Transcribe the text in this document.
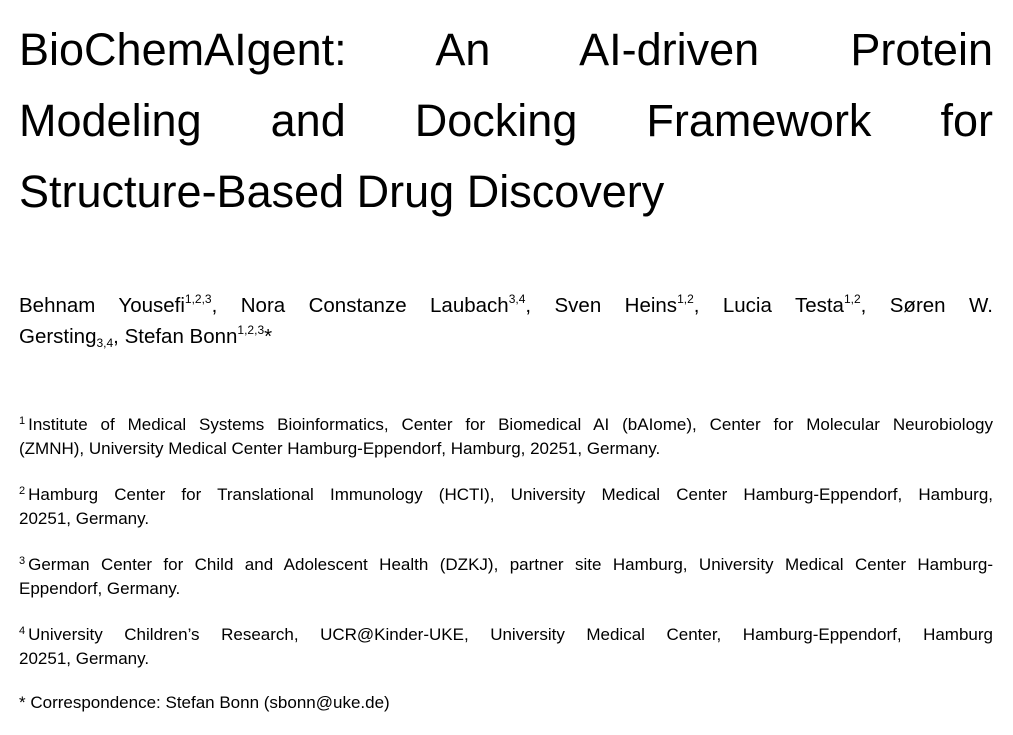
BioChemAIgent: An AI-driven Protein
Modeling and Docking Framework for
Structure-Based Drug Discovery
Behnam Yousefi$^{1,2,3}$, Nora Constanze Laubach$^{3,4}$, Sven Heins$^{1,2}$, Lucia Testa$^{1,2}$, Søren W.
Gersting$_{3,4}$, Stefan Bonn$^{1,2,3}$*
$^1$ Institute of Medical Systems Bioinformatics, Center for Biomedical AI (bAIome), Center for Molecular Neurobiology
(ZMNH), University Medical Center Hamburg-Eppendorf, Hamburg, 20251, Germany.
$^2$ Hamburg Center for Translational Immunology (HCTI), University Medical Center Hamburg-Eppendorf, Hamburg,
20251, Germany.
$^3$ German Center for Child and Adolescent Health (DZKJ), partner site Hamburg, University Medical Center Hamburg-
Eppendorf, Germany.
$^4$ University Children’s Research, UCR@Kinder-UKE, University Medical Center, Hamburg-Eppendorf, Hamburg
20251, Germany.
* Correspondence: Stefan Bonn (sbonn@uke.de)
